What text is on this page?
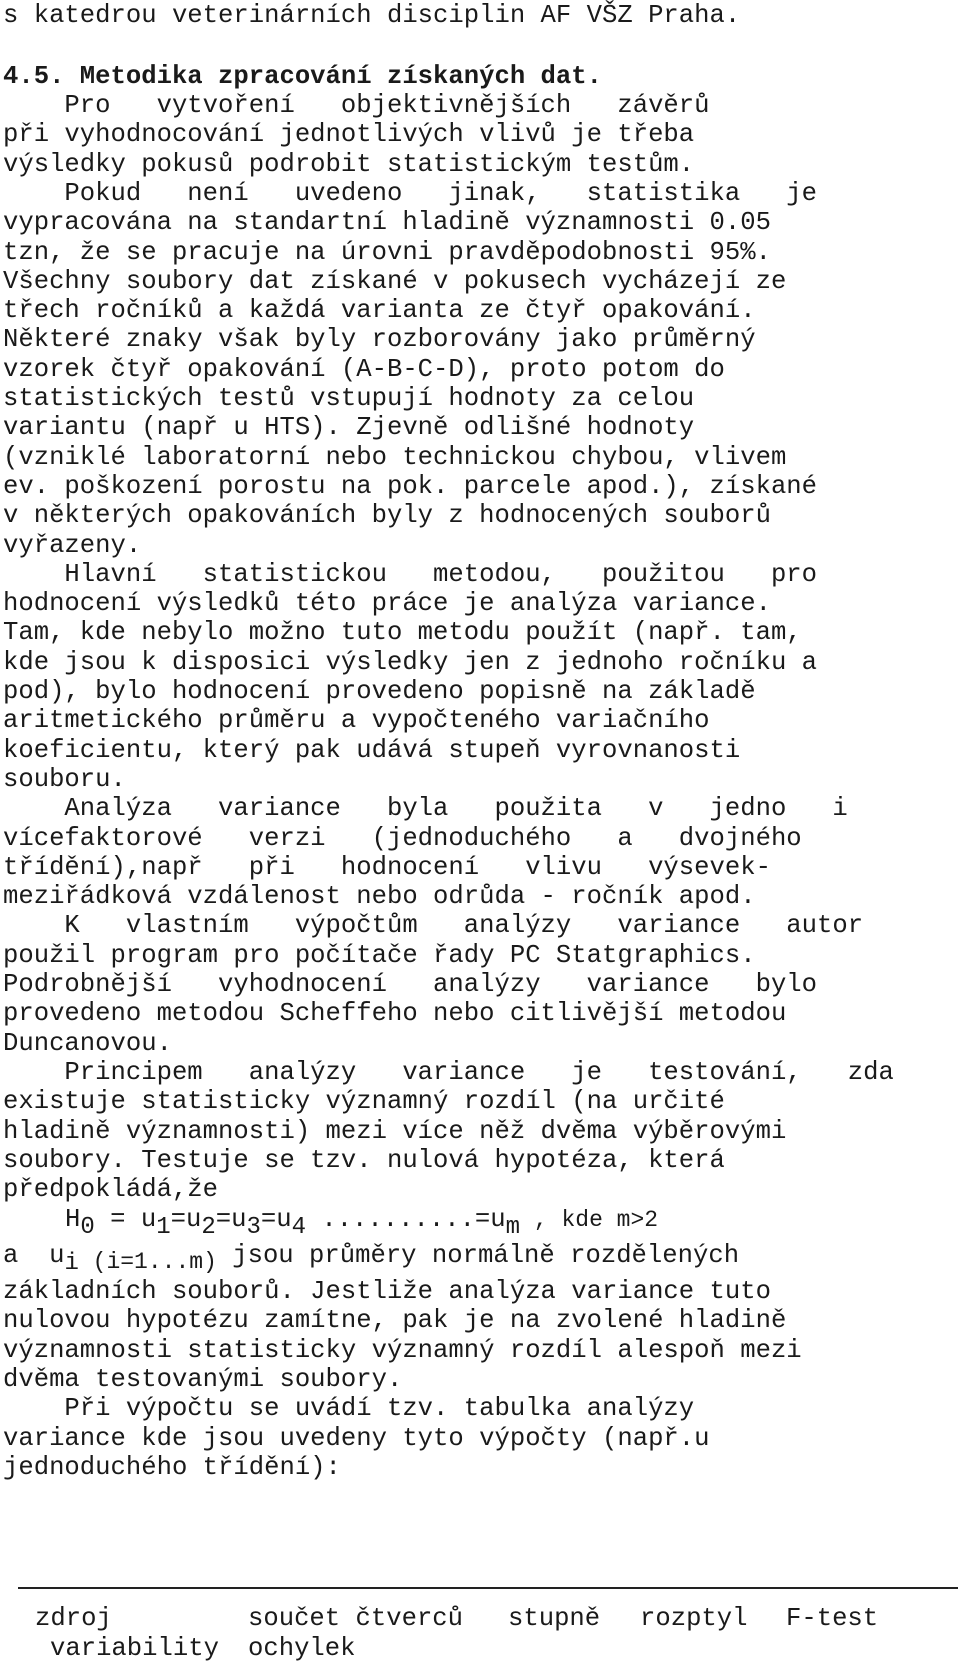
s katedrou veterinárních disciplin AF VŠZ Praha.

4.5. Metodika zpracování získaných dat.

Pro   vytvoření   objektivnějších   závěrů

při vyhodnocování jednotlivých vlivů je třeba

výsledky pokusů podrobit statistickým testům.

Pokud   není   uvedeno   jinak,   statistika   je

vypracována na standartní hladině významnosti 0.05

tzn, že se pracuje na úrovni pravděpodobnosti 95%.

Všechny soubory dat získané v pokusech vycházejí ze

třech ročníků a každá varianta ze čtyř opakování.

Některé znaky však byly rozborovány jako průměrný

vzorek čtyř opakování (A-B-C-D), proto potom do

statistických testů vstupují hodnoty za celou

variantu (např u HTS). Zjevně odlišné hodnoty

(vzniklé laboratorní nebo technickou chybou, vlivem

ev. poškození porostu na pok. parcele apod.), získané

v některých opakováních byly z hodnocených souborů

vyřazeny.

Hlavní   statistickou   metodou,   použitou   pro

hodnocení výsledků této práce je analýza variance.

Tam, kde nebylo možno tuto metodu použít (např. tam,

kde jsou k disposici výsledky jen z jednoho ročníku a

pod), bylo hodnocení provedeno popisně na základě

aritmetického průměru a vypočteného variačního

koeficientu, který pak udává stupeň vyrovnanosti

souboru.

Analýza   variance   byla   použita   v   jedno   i

vícefaktorové   verzi   (jednoduchého   a   dvojného

třídění),např   při   hodnocení   vlivu   výsevek-

meziřádková vzdálenost nebo odrůda - ročník apod.

K   vlastním   výpočtům   analýzy   variance   autor

použil program pro počítače řady PC Statgraphics.

Podrobnější   vyhodnocení   analýzy   variance   bylo

provedeno metodou Scheffeho nebo citlivější metodou

Duncanovou.

Principem   analýzy   variance   je   testování,   zda

existuje statisticky významný rozdíl (na určité

hladině významnosti) mezi více něž dvěma výběrovými

soubory. Testuje se tzv. nulová hypotéza, která

předpokládá,že

$H_0 = u_1=u_2=u_3=u_4$ $..........=u_m$ , kde m>2

a  $u_i$ (i=1...m) jsou průměry normálně rozdělených

základních souborů. Jestliže analýza variance tuto

nulovou hypotézu zamítne, pak je na zvolené hladině

významnosti statisticky významný rozdíl alespoň mezi

dvěma testovanými soubory.

Při výpočtu se uvádí tzv. tabulka analýzy

variance kde jsou uvedeny tyto výpočty (např.u

jednoduchého třídění):

zdroj	součet čtverců	stupně	rozptyl	F-test

variability	ochylek
